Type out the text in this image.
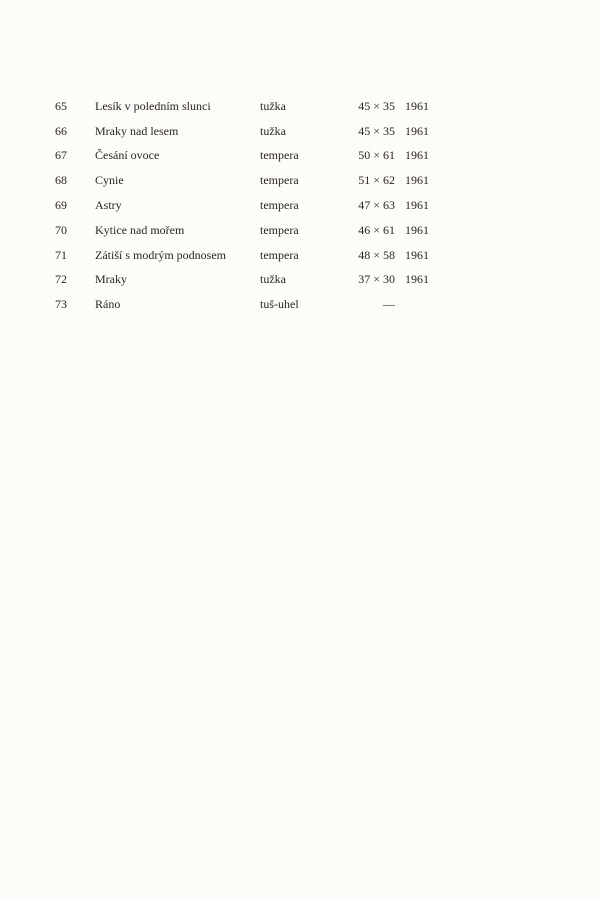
65	Lesík v poledním slunci	tužka	45 × 35	1961
66	Mraky nad lesem	tužka	45 × 35	1961
67	Česání ovoce	tempera	50 × 61	1961
68	Cynie	tempera	51 × 62	1961
69	Astry	tempera	47 × 63	1961
70	Kytice nad mořem	tempera	46 × 61	1961
71	Zátiší s modrým podnosem	tempera	48 × 58	1961
72	Mraky	tužka	37 × 30	1961
73	Ráno	tuš-uhel	—	
